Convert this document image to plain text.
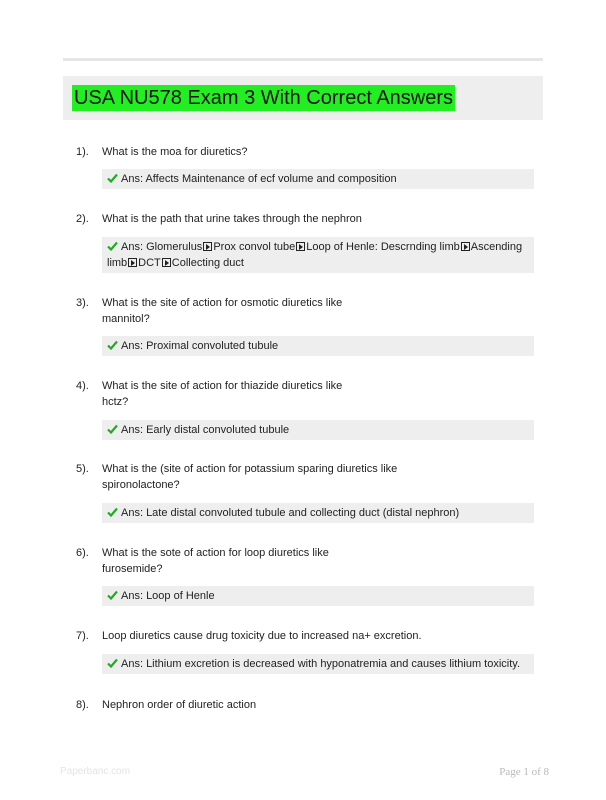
USA NU578 Exam 3 With Correct Answers
1). What is the moa for diuretics?
Ans: Affects Maintenance of ecf volume and composition
2). What is the path that urine takes through the nephron
Ans: Glomerulus Prox convol tube Loop of Henle: Descrnding limb Ascending limb DCT Collecting duct
3). What is the site of action for osmotic diuretics like
mannitol?
Ans: Proximal convoluted tubule
4). What is the site of action for thiazide diuretics like
hctz?
Ans: Early distal convoluted tubule
5). What is the (site of action for potassium sparing diuretics like
spironolactone?
Ans: Late distal convoluted tubule and collecting duct (distal nephron)
6). What is the sote of action for loop diuretics like
furosemide?
Ans: Loop of Henle
7). Loop diuretics cause drug toxicity due to increased na+ excretion.
Ans: Lithium excretion is decreased with hyponatremia and causes lithium toxicity.
8). Nephron order of diuretic action
Paperbanc.com	Page 1 of 8
